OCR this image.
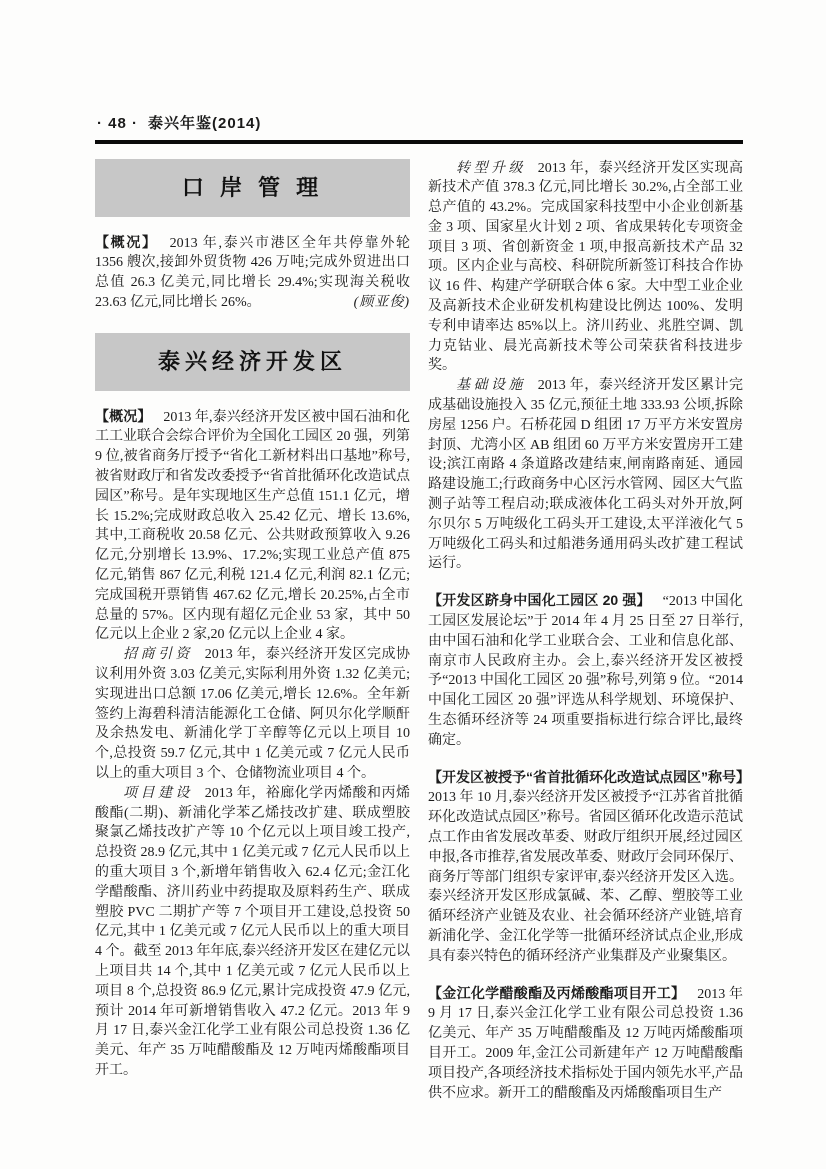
· 48 · 泰兴年鉴(2014)
口 岸 管 理

【概况】 2013 年,泰兴市港区全年共停靠外轮 1356 艘次,接卸外贸货物 426 万吨;完成外贸进出口总值 26.3 亿美元,同比增长 29.4%;实现海关税收 23.63 亿元,同比增长 26%。	(顾亚俊)

泰兴经济开发区

【概况】 2013 年,泰兴经济开发区被中国石油和化工工业联合会综合评价为全国化工园区 20 强，列第 9 位,被省商务厅授予“省化工新材料出口基地”称号,被省财政厅和省发改委授予“省首批循环化改造试点园区”称号。是年实现地区生产总值 151.1 亿元，增长 15.2%;完成财政总收入 25.42 亿元、增长 13.6%,其中,工商税收 20.58 亿元、公共财政预算收入 9.26 亿元,分别增长 13.9%、17.2%;实现工业总产值 875 亿元,销售 867 亿元,利税 121.4 亿元,利润 82.1 亿元;完成国税开票销售 467.62 亿元,增长 20.25%,占全市总量的 57%。区内现有超亿元企业 53 家，其中 50 亿元以上企业 2 家,20 亿元以上企业 4 家。

招商引资 2013 年，泰兴经济开发区完成协议利用外资 3.03 亿美元,实际利用外资 1.32 亿美元;实现进出口总额 17.06 亿美元,增长 12.6%。全年新签约上海碧科清洁能源化工仓储、阿贝尔化学顺酐及余热发电、新浦化学丁辛醇等亿元以上项目 10 个,总投资 59.7 亿元,其中 1 亿美元或 7 亿元人民币以上的重大项目 3 个、仓储物流业项目 4 个。

项目建设 2013 年，裕廊化学丙烯酸和丙烯酸酯(二期)、新浦化学苯乙烯技改扩建、联成塑胶聚氯乙烯技改扩产等 10 个亿元以上项目竣工投产,总投资 28.9 亿元,其中 1 亿美元或 7 亿元人民币以上的重大项目 3 个,新增年销售收入 62.4 亿元;金江化学醋酸酯、济川药业中药提取及原料药生产、联成塑胶 PVC 二期扩产等 7 个项目开工建设,总投资 50 亿元,其中 1 亿美元或 7 亿元人民币以上的重大项目 4 个。截至 2013 年年底,泰兴经济开发区在建亿元以上项目共 14 个,其中 1 亿美元或 7 亿元人民币以上项目 8 个,总投资 86.9 亿元,累计完成投资 47.9 亿元,预计 2014 年可新增销售收入 47.2 亿元。2013 年 9 月 17 日,泰兴金江化学工业有限公司总投资 1.36 亿美元、年产 35 万吨醋酸酯及 12 万吨丙烯酸酯项目开工。

转型升级 2013 年，泰兴经济开发区实现高新技术产值 378.3 亿元,同比增长 30.2%,占全部工业总产值的 43.2%。完成国家科技型中小企业创新基金 3 项、国家星火计划 2 项、省成果转化专项资金项目 3 项、省创新资金 1 项,申报高新技术产品 32 项。区内企业与高校、科研院所新签订科技合作协议 16 件、构建产学研联合体 6 家。大中型工业企业及高新技术企业研发机构建设比例达 100%、发明专利申请率达 85%以上。济川药业、兆胜空调、凯力克钴业、晨光高新技术等公司荣获省科技进步奖。

基础设施 2013 年，泰兴经济开发区累计完成基础设施投入 35 亿元,预征土地 333.93 公顷,拆除房屋 1256 户。石桥花园 D 组团 17 万平方米安置房封顶、尤湾小区 AB 组团 60 万平方米安置房开工建设;滨江南路 4 条道路改建结束,闸南路南延、通园路建设施工;行政商务中心区污水管网、园区大气监测子站等工程启动;联成液体化工码头对外开放,阿尔贝尔 5 万吨级化工码头开工建设,太平洋液化气 5 万吨级化工码头和过船港务通用码头改扩建工程试运行。

【开发区跻身中国化工园区 20 强】 “2013 中国化工园区发展论坛”于 2014 年 4 月 25 日至 27 日举行,由中国石油和化学工业联合会、工业和信息化部、南京市人民政府主办。会上,泰兴经济开发区被授予“2013 中国化工园区 20 强”称号,列第 9 位。“2014 中国化工园区 20 强”评选从科学规划、环境保护、生态循环经济等 24 项重要指标进行综合评比,最终确定。

【开发区被授予“省首批循环化改造试点园区”称号】2013 年 10 月,泰兴经济开发区被授予“江苏省首批循环化改造试点园区”称号。省园区循环化改造示范试点工作由省发展改革委、财政厅组织开展,经过园区申报,各市推荐,省发展改革委、财政厅会同环保厅、商务厅等部门组织专家评审,泰兴经济开发区入选。泰兴经济开发区形成氯碱、苯、乙醇、塑胶等工业循环经济产业链及农业、社会循环经济产业链,培育新浦化学、金江化学等一批循环经济试点企业,形成具有泰兴特色的循环经济产业集群及产业聚集区。

【金江化学醋酸酯及丙烯酸酯项目开工】 2013 年 9 月 17 日,泰兴金江化学工业有限公司总投资 1.36 亿美元、年产 35 万吨醋酸酯及 12 万吨丙烯酸酯项目开工。2009 年,金江公司新建年产 12 万吨醋酸酯项目投产,各项经济技术指标处于国内领先水平,产品供不应求。新开工的醋酸酯及丙烯酸酯项目生产
